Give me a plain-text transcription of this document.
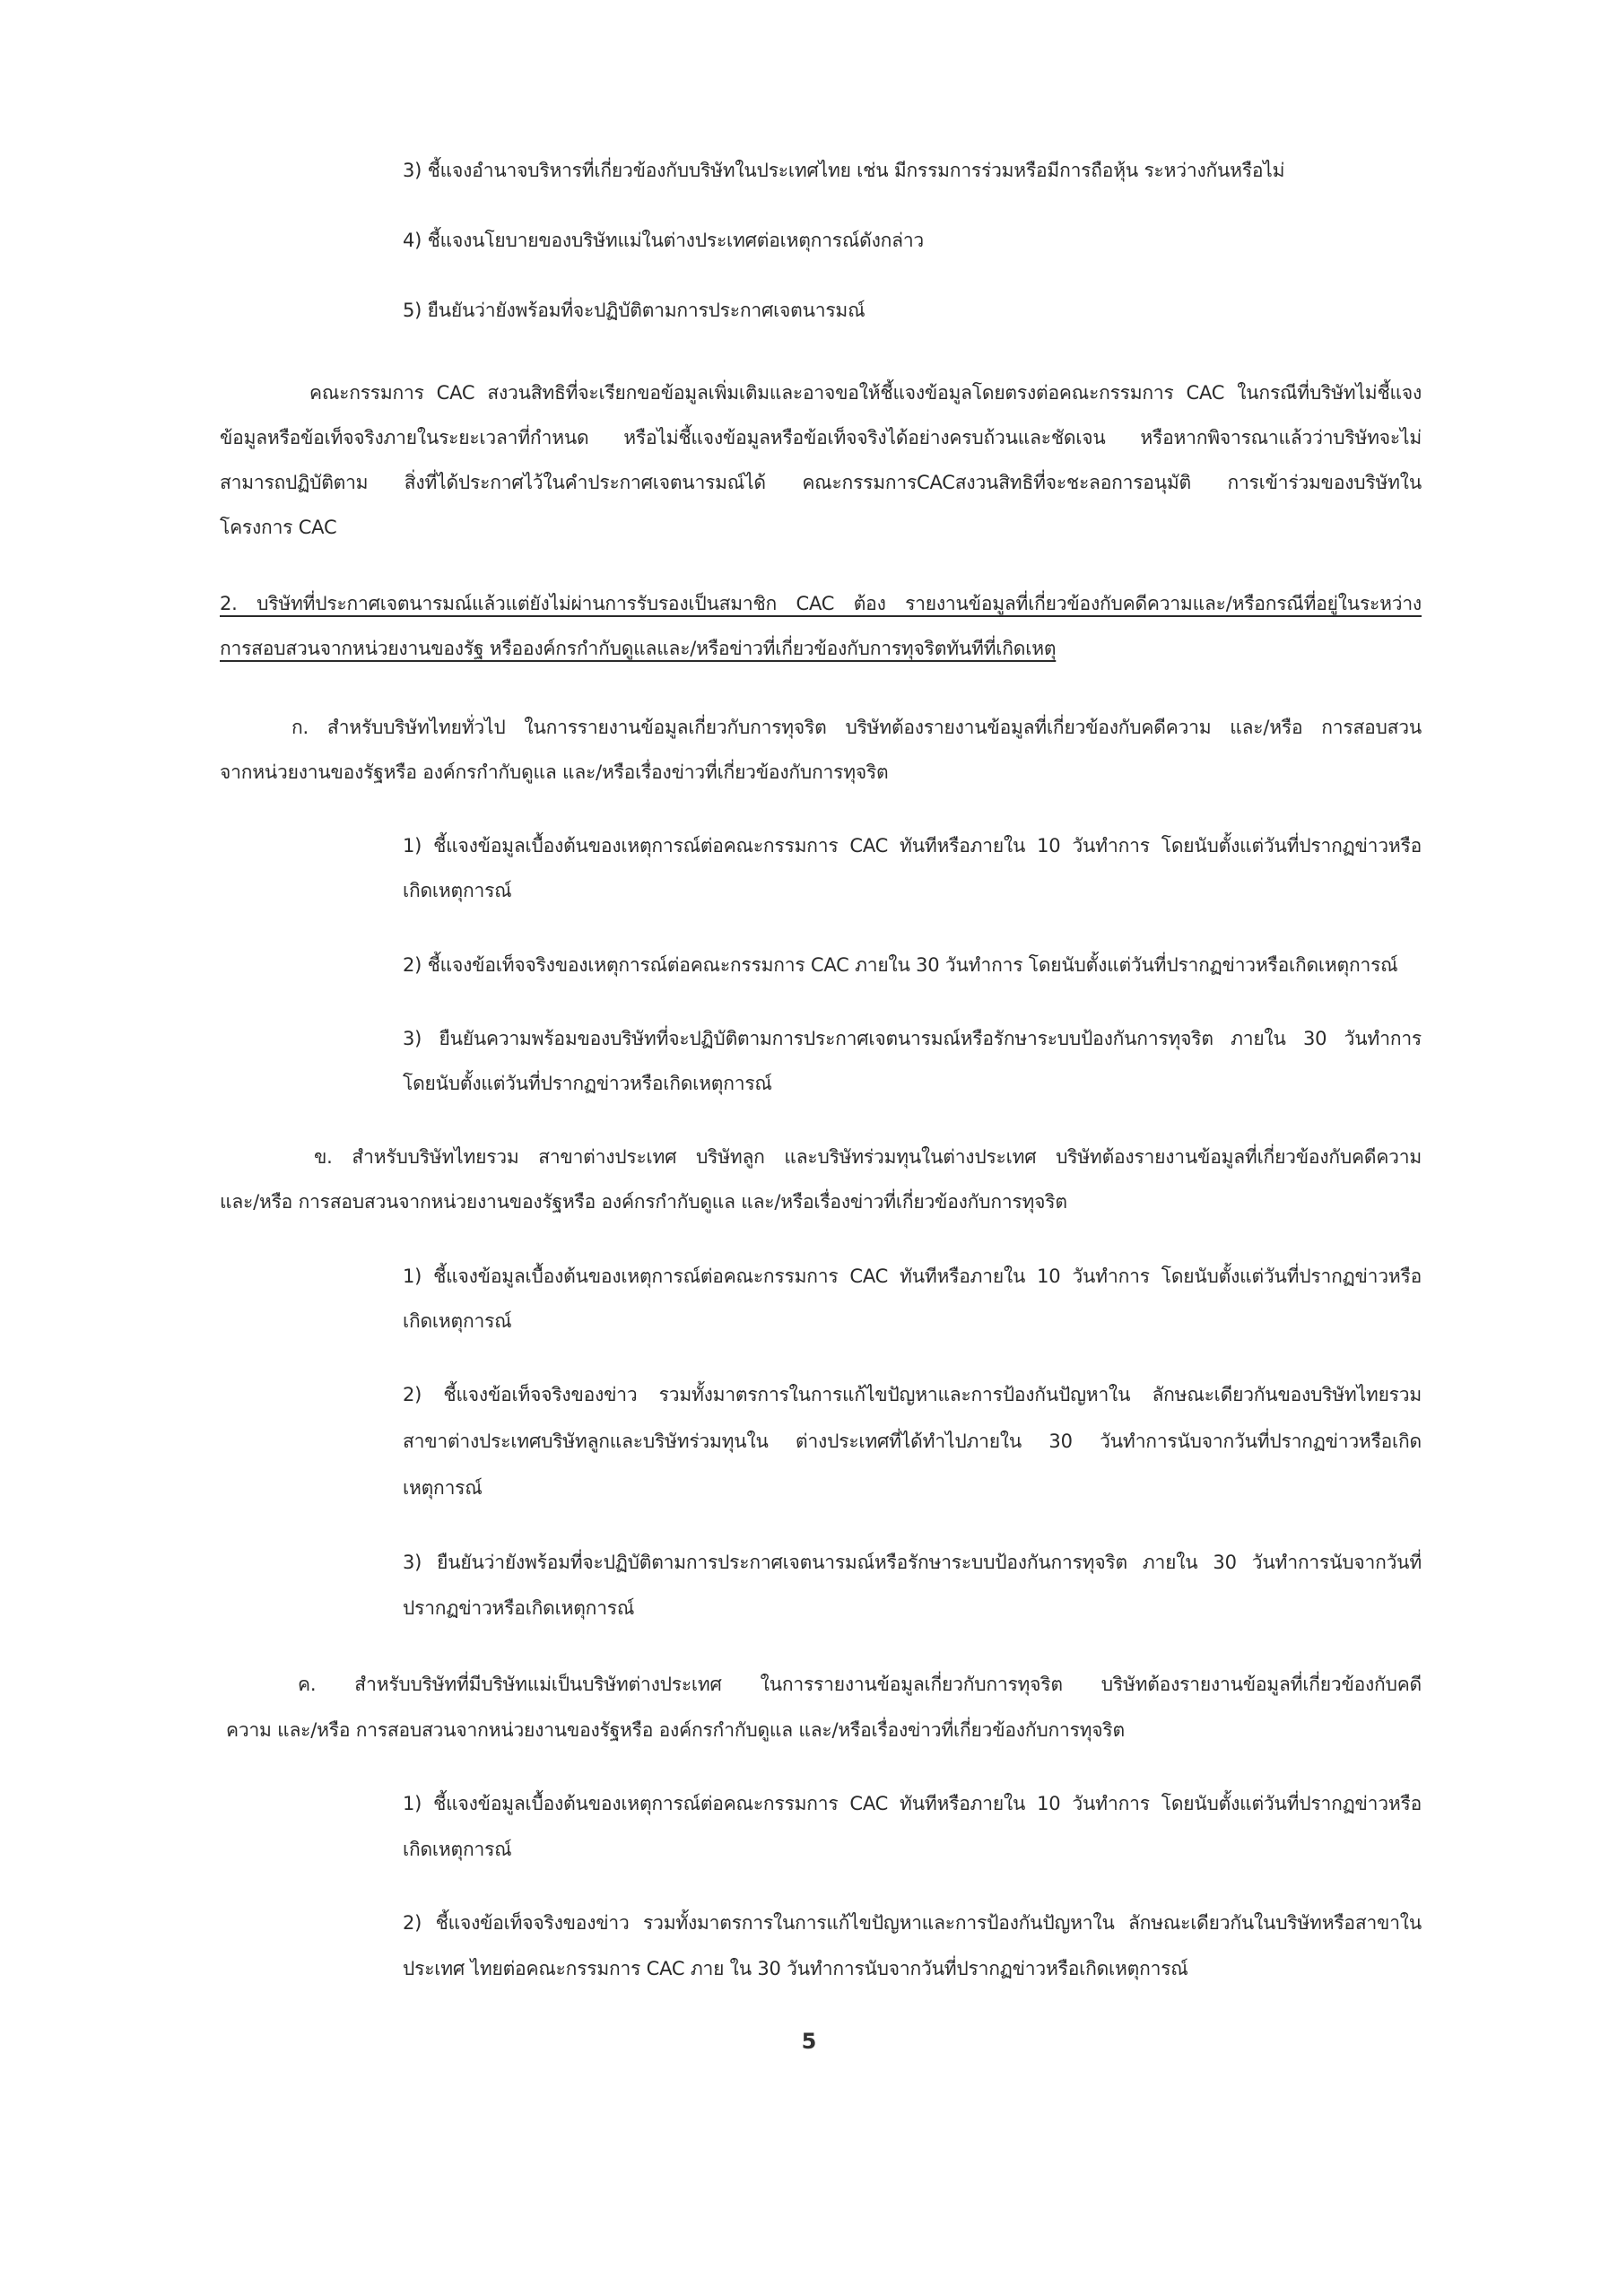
3) ชี้แจงอำนาจบริหารที่เกี่ยวข้องกับบริษัทในประเทศไทย เช่น มีกรรมการร่วมหรือมีการถือหุ้น ระหว่างกันหรือไม่
4) ชี้แจงนโยบายของบริษัทแม่ในต่างประเทศต่อเหตุการณ์ดังกล่าว
5) ยืนยันว่ายังพร้อมที่จะปฏิบัติตามการประกาศเจตนารมณ์
คณะกรรมการ CAC สงวนสิทธิที่จะเรียกขอข้อมูลเพิ่มเติมและอาจขอให้ชี้แจงข้อมูลโดยตรงต่อคณะกรรมการ CAC ในกรณีที่บริษัทไม่ชี้แจง
ข้อมูลหรือข้อเท็จจริงภายในระยะเวลาที่กำหนด หรือไม่ชี้แจงข้อมูลหรือข้อเท็จจริงได้อย่างครบถ้วนและชัดเจน หรือหากพิจารณาแล้วว่าบริษัทจะไม่
สามารถปฏิบัติตาม สิ่งที่ได้ประกาศไว้ในคำประกาศเจตนารมณ์ได้ คณะกรรมการCACสงวนสิทธิที่จะชะลอการอนุมัติ การเข้าร่วมของบริษัทใน
โครงการ CAC
2. บริษัทที่ประกาศเจตนารมณ์แล้วแต่ยังไม่ผ่านการรับรองเป็นสมาชิก CAC ต้อง รายงานข้อมูลที่เกี่ยวข้องกับคดีความและ/หรือกรณีที่อยู่ในระหว่าง
การสอบสวนจากหน่วยงานของรัฐ หรือองค์กรกำกับดูแลและ/หรือข่าวที่เกี่ยวข้องกับการทุจริตทันทีที่เกิดเหตุ
ก. สำหรับบริษัทไทยทั่วไป ในการรายงานข้อมูลเกี่ยวกับการทุจริต บริษัทต้องรายงานข้อมูลที่เกี่ยวข้องกับคดีความ และ/หรือ การสอบสวน
จากหน่วยงานของรัฐหรือ องค์กรกำกับดูแล และ/หรือเรื่องข่าวที่เกี่ยวข้องกับการทุจริต
1) ชี้แจงข้อมูลเบื้องต้นของเหตุการณ์ต่อคณะกรรมการ CAC ทันทีหรือภายใน 10 วันทำการ โดยนับตั้งแต่วันที่ปรากฏข่าวหรือ
เกิดเหตุการณ์
2) ชี้แจงข้อเท็จจริงของเหตุการณ์ต่อคณะกรรมการ CAC ภายใน 30 วันทำการ โดยนับตั้งแต่วันที่ปรากฏข่าวหรือเกิดเหตุการณ์
3) ยืนยันความพร้อมของบริษัทที่จะปฏิบัติตามการประกาศเจตนารมณ์หรือรักษาระบบป้องกันการทุจริต ภายใน 30 วันทำการ
โดยนับตั้งแต่วันที่ปรากฏข่าวหรือเกิดเหตุการณ์
ข. สำหรับบริษัทไทยรวม สาขาต่างประเทศ บริษัทลูก และบริษัทร่วมทุนในต่างประเทศ บริษัทต้องรายงานข้อมูลที่เกี่ยวข้องกับคดีความ
และ/หรือ การสอบสวนจากหน่วยงานของรัฐหรือ องค์กรกำกับดูแล และ/หรือเรื่องข่าวที่เกี่ยวข้องกับการทุจริต
1) ชี้แจงข้อมูลเบื้องต้นของเหตุการณ์ต่อคณะกรรมการ CAC ทันทีหรือภายใน 10 วันทำการ โดยนับตั้งแต่วันที่ปรากฏข่าวหรือ
เกิดเหตุการณ์
2) ชี้แจงข้อเท็จจริงของข่าว รวมทั้งมาตรการในการแก้ไขปัญหาและการป้องกันปัญหาใน ลักษณะเดียวกันของบริษัทไทยรวม
สาขาต่างประเทศบริษัทลูกและบริษัทร่วมทุนใน ต่างประเทศที่ได้ทำไปภายใน 30 วันทำการนับจากวันที่ปรากฏข่าวหรือเกิด
เหตุการณ์
3) ยืนยันว่ายังพร้อมที่จะปฏิบัติตามการประกาศเจตนารมณ์หรือรักษาระบบป้องกันการทุจริต ภายใน 30 วันทำการนับจากวันที่
ปรากฏข่าวหรือเกิดเหตุการณ์
ค. สำหรับบริษัทที่มีบริษัทแม่เป็นบริษัทต่างประเทศ ในการรายงานข้อมูลเกี่ยวกับการทุจริต บริษัทต้องรายงานข้อมูลที่เกี่ยวข้องกับคดี
ความ และ/หรือ การสอบสวนจากหน่วยงานของรัฐหรือ องค์กรกำกับดูแล และ/หรือเรื่องข่าวที่เกี่ยวข้องกับการทุจริต
1) ชี้แจงข้อมูลเบื้องต้นของเหตุการณ์ต่อคณะกรรมการ CAC ทันทีหรือภายใน 10 วันทำการ โดยนับตั้งแต่วันที่ปรากฏข่าวหรือ
เกิดเหตุการณ์
2) ชี้แจงข้อเท็จจริงของข่าว รวมทั้งมาตรการในการแก้ไขปัญหาและการป้องกันปัญหาใน ลักษณะเดียวกันในบริษัทหรือสาขาใน
ประเทศ ไทยต่อคณะกรรมการ CAC ภาย ใน 30 วันทำการนับจากวันที่ปรากฏข่าวหรือเกิดเหตุการณ์
5
